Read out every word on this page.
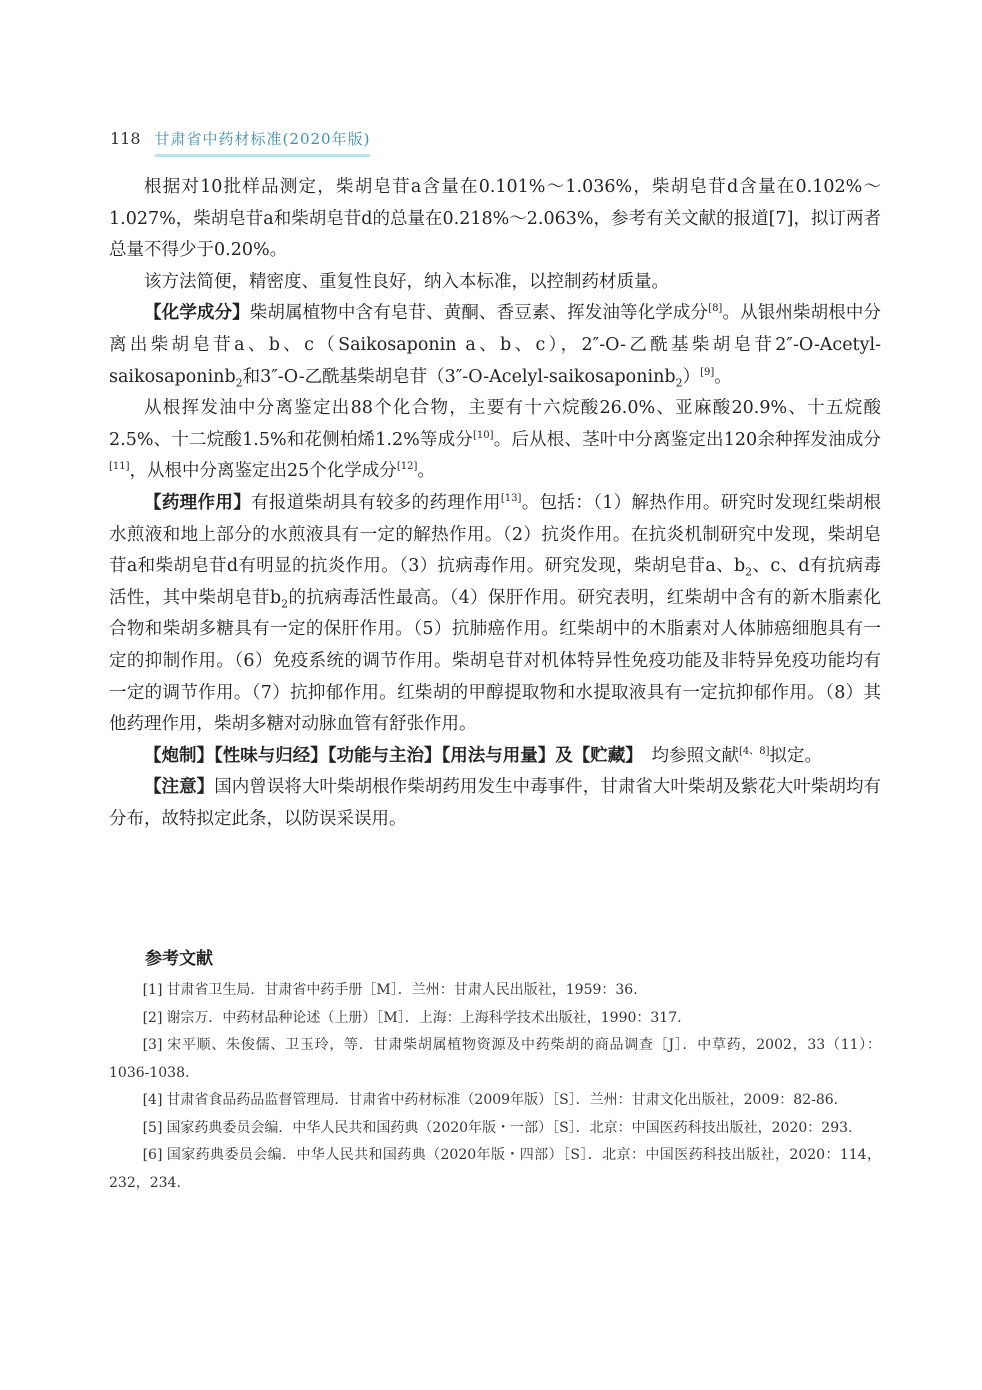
118 甘肃省中药材标准(2020年版)

根据对10批样品测定，柴胡皂苷a含量在0.101%～1.036%，柴胡皂苷d含量在0.102%～1.027%，柴胡皂苷a和柴胡皂苷d的总量在0.218%～2.063%，参考有关文献的报道[7]，拟订两者总量不得少于0.20%。

该方法简便，精密度、重复性良好，纳入本标准，以控制药材质量。

【化学成分】柴胡属植物中含有皂苷、黄酮、香豆素、挥发油等化学成分[8]。从银州柴胡根中分离出柴胡皂苷a、b、c（Saikosaponin a、b、c），2″-O-乙酰基柴胡皂苷2″-O-Acetyl-saikosaponinb$_2$和3″-O-乙酰基柴胡皂苷（3″-O-Acelyl-saikosaponinb$_2$）[9]。

从根挥发油中分离鉴定出88个化合物，主要有十六烷酸26.0%、亚麻酸20.9%、十五烷酸2.5%、十二烷酸1.5%和花侧柏烯1.2%等成分[10]。后从根、茎叶中分离鉴定出120余种挥发油成分[11]，从根中分离鉴定出25个化学成分[12]。

【药理作用】有报道柴胡具有较多的药理作用[13]。包括：（1）解热作用。研究时发现红柴胡根水煎液和地上部分的水煎液具有一定的解热作用。（2）抗炎作用。在抗炎机制研究中发现，柴胡皂苷a和柴胡皂苷d有明显的抗炎作用。（3）抗病毒作用。研究发现，柴胡皂苷a、$b_2$、c、d有抗病毒活性，其中柴胡皂苷$b_2$的抗病毒活性最高。（4）保肝作用。研究表明，红柴胡中含有的新木脂素化合物和柴胡多糖具有一定的保肝作用。（5）抗肺癌作用。红柴胡中的木脂素对人体肺癌细胞具有一定的抑制作用。（6）免疫系统的调节作用。柴胡皂苷对机体特异性免疫功能及非特异免疫功能均有一定的调节作用。（7）抗抑郁作用。红柴胡的甲醇提取物和水提取液具有一定抗抑郁作用。（8）其他药理作用，柴胡多糖对动脉血管有舒张作用。

【炮制】【性味与归经】【功能与主治】【用法与用量】及【贮藏】　均参照文献[4、8]拟定。

【注意】国内曾误将大叶柴胡根作柴胡药用发生中毒事件，甘肃省大叶柴胡及紫花大叶柴胡均有分布，故特拟定此条，以防误采误用。

参考文献

[1] 甘肃省卫生局．甘肃省中药手册［M］．兰州：甘肃人民出版社，1959：36.

[2] 谢宗万．中药材品种论述（上册）［M］．上海：上海科学技术出版社，1990：317.

[3] 宋平顺、朱俊儒、卫玉玲，等．甘肃柴胡属植物资源及中药柴胡的商品调查［J］．中草药，2002，33（11）：1036-1038.

[4] 甘肃省食品药品监督管理局．甘肃省中药材标准（2009年版）［S］．兰州：甘肃文化出版社，2009：82-86.

[5] 国家药典委员会编．中华人民共和国药典（2020年版・一部）［S］．北京：中国医药科技出版社，2020：293.

[6] 国家药典委员会编．中华人民共和国药典（2020年版・四部）［S］．北京：中国医药科技出版社，2020：114，232，234.
